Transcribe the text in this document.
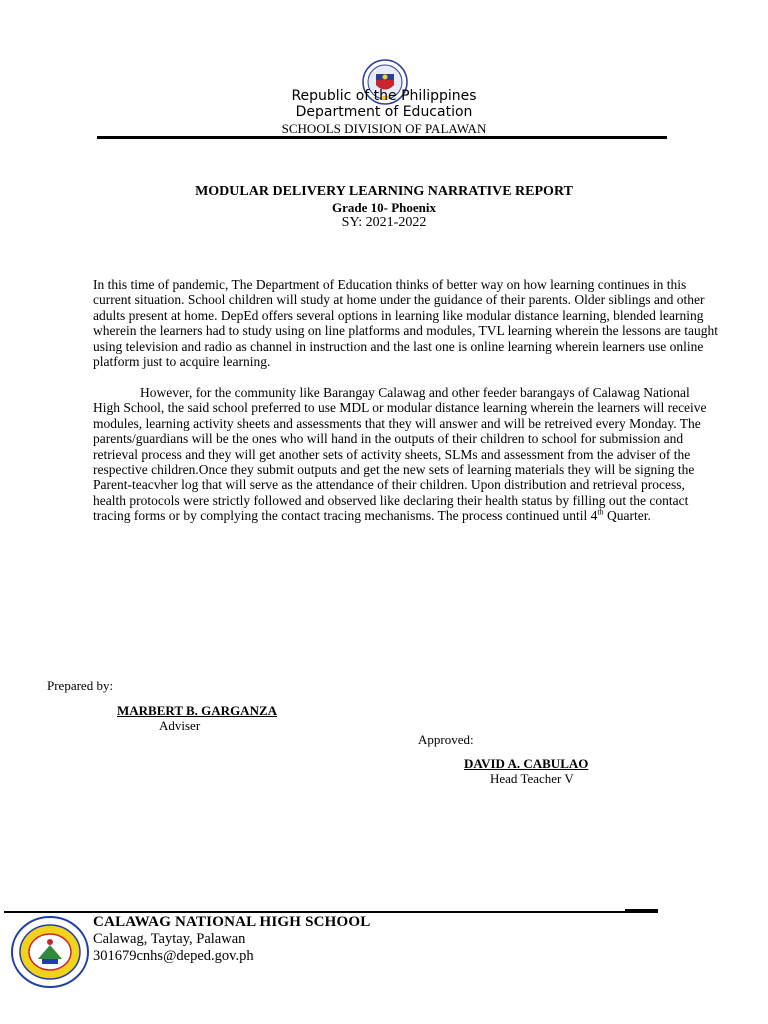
Republic of the Philippines
Department of Education
SCHOOLS DIVISION OF PALAWAN
MODULAR DELIVERY LEARNING NARRATIVE REPORT
Grade 10- Phoenix
SY: 2021-2022

In this time of pandemic, The Department of Education thinks of better way on how learning continues in this current situation. School children will study at home under the guidance of their parents. Older siblings and other adults present at home. DepEd offers several options in learning like modular distance learning, blended learning wherein the learners had to study using on line platforms and modules, TVL learning wherein the lessons are taught using television and radio as channel in instruction and the last one is online learning wherein learners use online platform just to acquire learning.

However, for the community like Barangay Calawag and other feeder barangays of Calawag National High School, the said school preferred to use MDL or modular distance learning wherein the learners will receive modules, learning activity sheets and assessments that they will answer and will be retreived every Monday. The parents/guardians will be the ones who will hand in the outputs of their children to school for submission and retrieval process and they will get another sets of activity sheets, SLMs and assessment from the adviser of the respective children.Once they submit outputs and get the new sets of learning materials they will be signing the Parent-teacvher log that will serve as the attendance of their children. Upon distribution and retrieval process, health protocols were strictly followed and observed like declaring their health status by filling out the contact tracing forms or by complying the contact tracing mechanisms. The process continued until 4th Quarter.

Prepared by:
MARBERT B. GARGANZA
Adviser
Approved:
DAVID A. CABULAO
Head Teacher V
CALAWAG NATIONAL HIGH SCHOOL
Calawag, Taytay, Palawan
301679cnhs@deped.gov.ph
